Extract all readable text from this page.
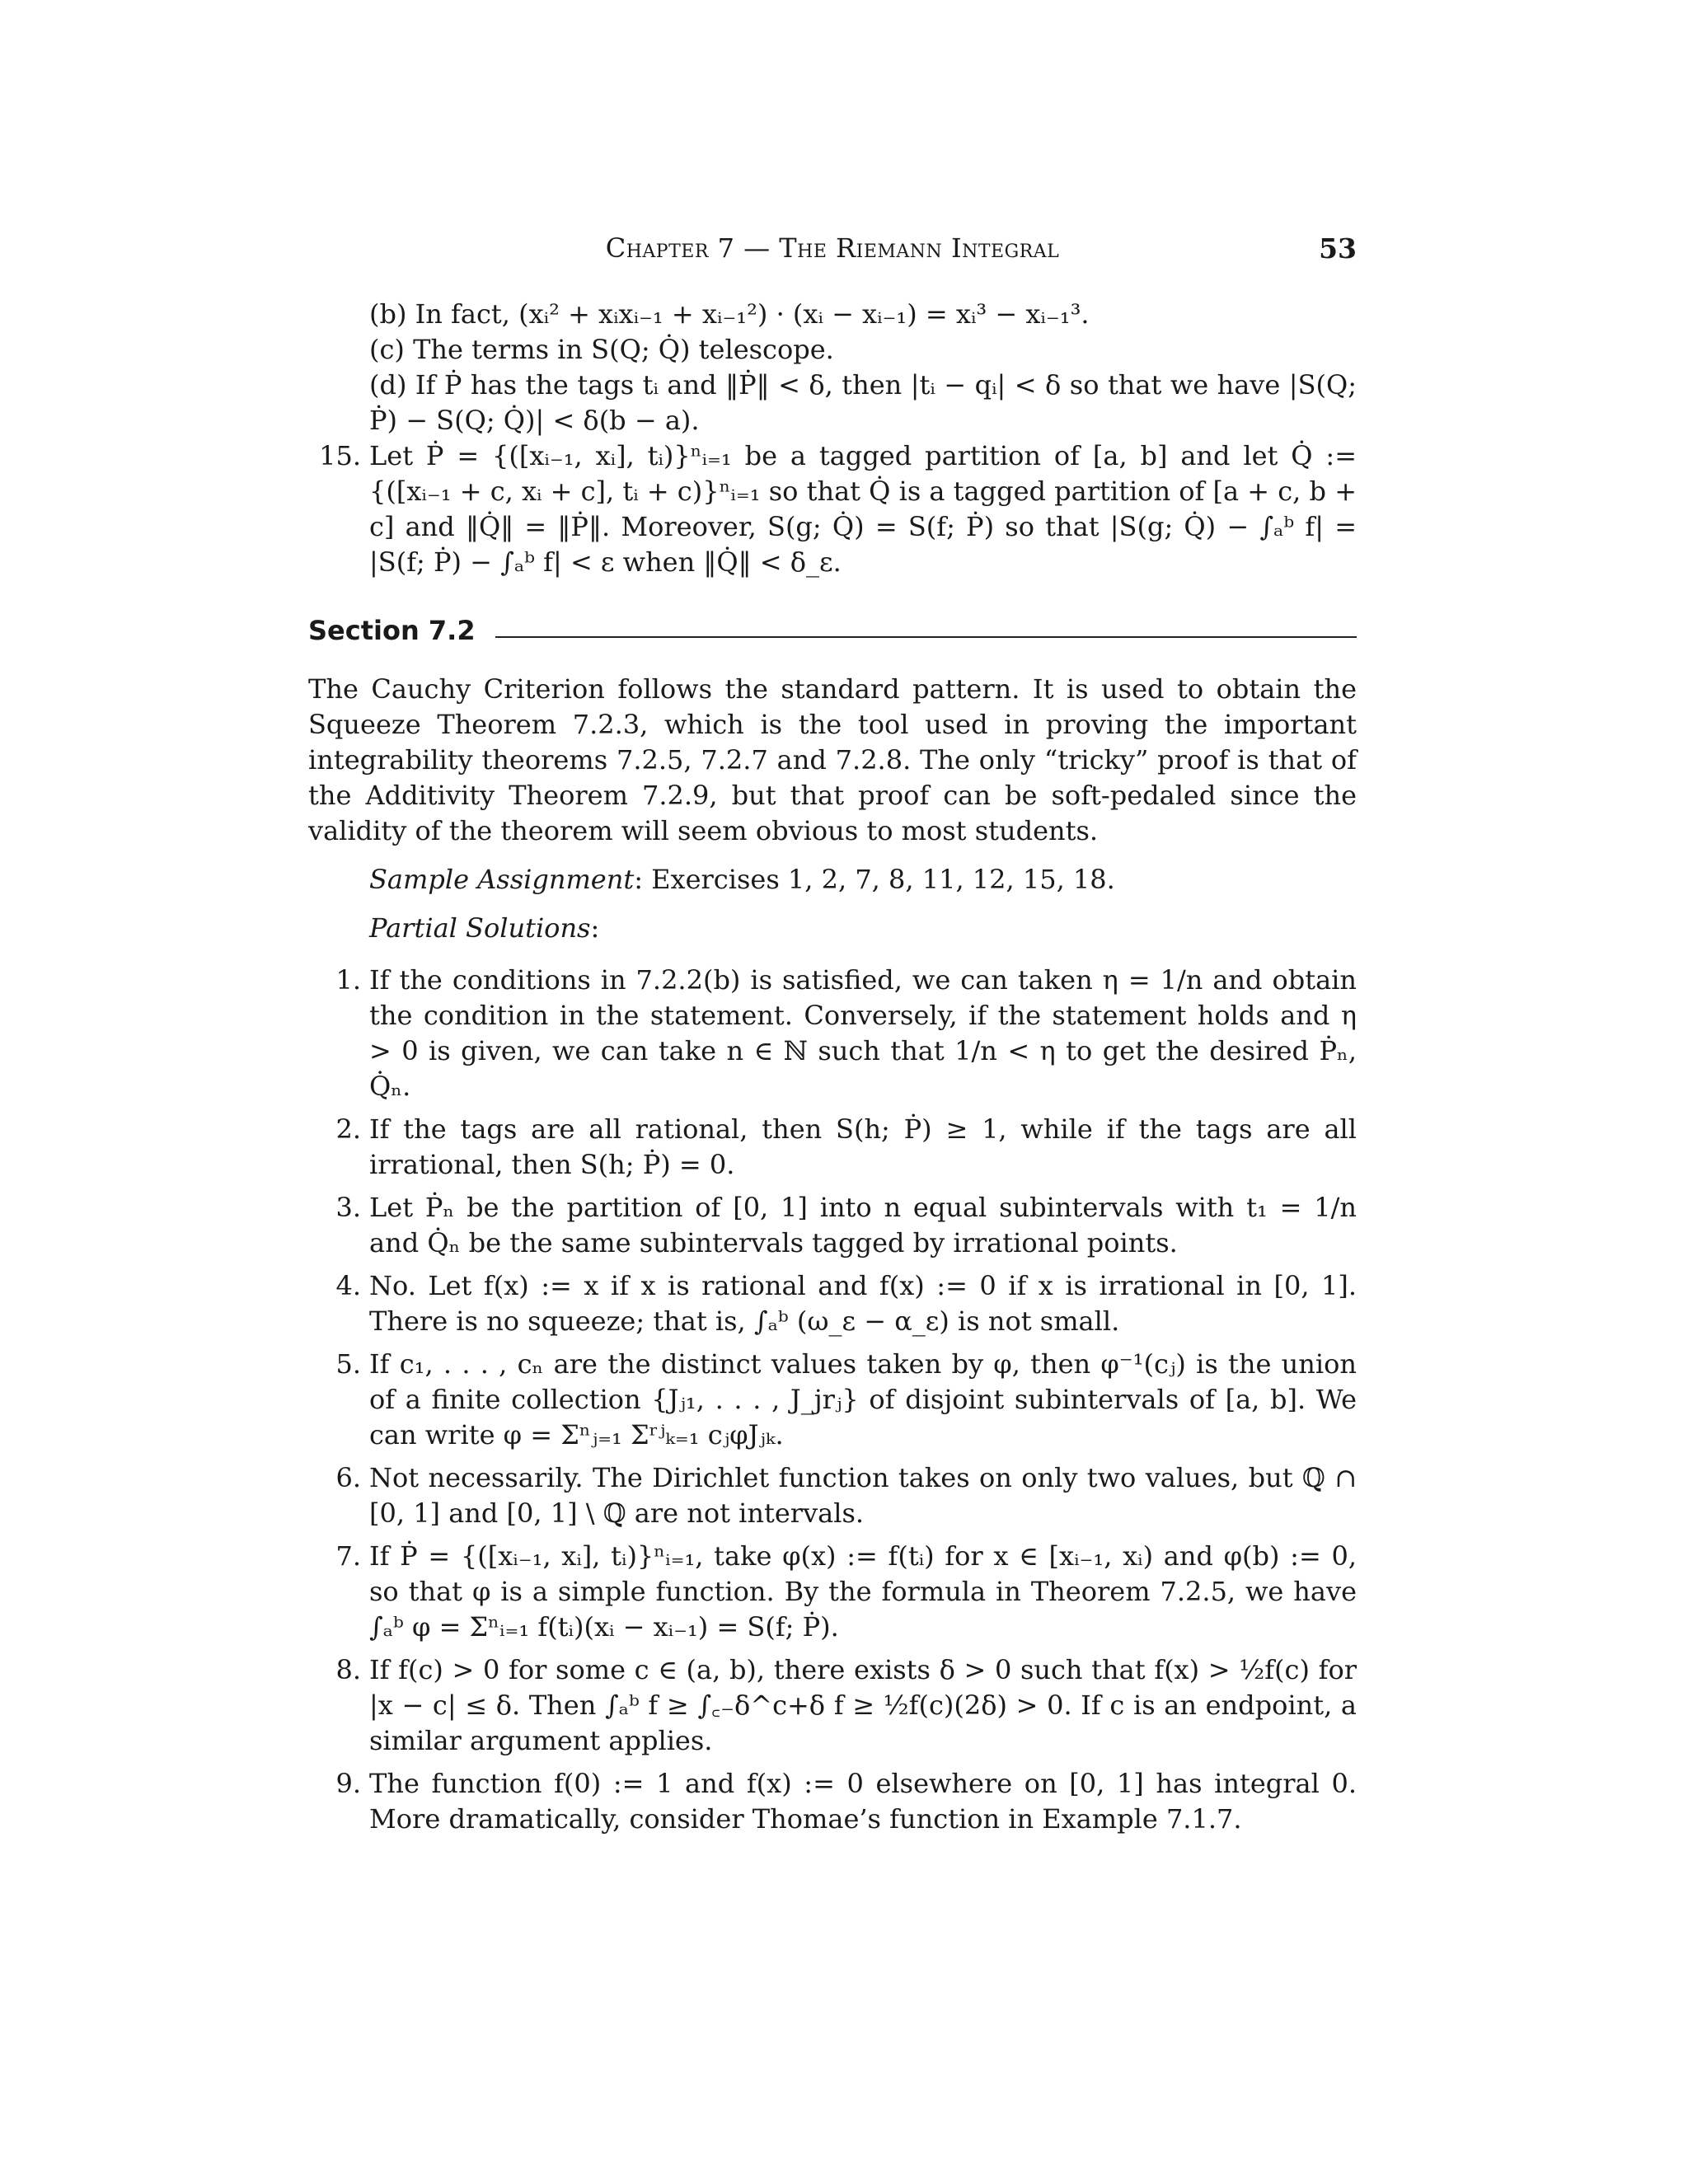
Chapter 7 — The Riemann Integral	53

(b) In fact, (xᵢ² + xᵢxᵢ₋₁ + xᵢ₋₁²) · (xᵢ − xᵢ₋₁) = xᵢ³ − xᵢ₋₁³.

(c) The terms in S(Q; Q̇) telescope.

(d) If Ṗ has the tags tᵢ and ‖Ṗ‖ < δ, then |tᵢ − qᵢ| < δ so that we have |S(Q; Ṗ) − S(Q; Q̇)| < δ(b − a).

15. Let Ṗ = {([xᵢ₋₁, xᵢ], tᵢ)}ⁿᵢ₌₁ be a tagged partition of [a, b] and let Q̇ := {([xᵢ₋₁ + c, xᵢ + c], tᵢ + c)}ⁿᵢ₌₁ so that Q̇ is a tagged partition of [a + c, b + c] and ‖Q̇‖ = ‖Ṗ‖. Moreover, S(g; Q̇) = S(f; Ṗ) so that |S(g; Q̇) − ∫ₐᵇ f| = |S(f; Ṗ) − ∫ₐᵇ f| < ε when ‖Q̇‖ < δ_ε.
Section 7.2

The Cauchy Criterion follows the standard pattern. It is used to obtain the Squeeze Theorem 7.2.3, which is the tool used in proving the important integrability theorems 7.2.5, 7.2.7 and 7.2.8. The only “tricky” proof is that of the Additivity Theorem 7.2.9, but that proof can be soft-pedaled since the validity of the theorem will seem obvious to most students.

Sample Assignment: Exercises 1, 2, 7, 8, 11, 12, 15, 18.

Partial Solutions:

1. If the conditions in 7.2.2(b) is satisfied, we can taken η = 1/n and obtain the condition in the statement. Conversely, if the statement holds and η > 0 is given, we can take n ∈ ℕ such that 1/n < η to get the desired Ṗₙ, Q̇ₙ.
2. If the tags are all rational, then S(h; Ṗ) ≥ 1, while if the tags are all irrational, then S(h; Ṗ) = 0.
3. Let Ṗₙ be the partition of [0, 1] into n equal subintervals with t₁ = 1/n and Q̇ₙ be the same subintervals tagged by irrational points.
4. No. Let f(x) := x if x is rational and f(x) := 0 if x is irrational in [0, 1]. There is no squeeze; that is, ∫ₐᵇ (ω_ε − α_ε) is not small.
5. If c₁, . . . , cₙ are the distinct values taken by φ, then φ⁻¹(cⱼ) is the union of a finite collection {Jⱼ₁, . . . , J_jrⱼ} of disjoint subintervals of [a, b]. We can write φ = Σⁿⱼ₌₁ Σʳʲₖ₌₁ cⱼφJⱼₖ.
6. Not necessarily. The Dirichlet function takes on only two values, but ℚ ∩ [0, 1] and [0, 1] \ ℚ are not intervals.
7. If Ṗ = {([xᵢ₋₁, xᵢ], tᵢ)}ⁿᵢ₌₁, take φ(x) := f(tᵢ) for x ∈ [xᵢ₋₁, xᵢ) and φ(b) := 0, so that φ is a simple function. By the formula in Theorem 7.2.5, we have ∫ₐᵇ φ = Σⁿᵢ₌₁ f(tᵢ)(xᵢ − xᵢ₋₁) = S(f; Ṗ).
8. If f(c) > 0 for some c ∈ (a, b), there exists δ > 0 such that f(x) > ½f(c) for |x − c| ≤ δ. Then ∫ₐᵇ f ≥ ∫꜀₋δ^c+δ f ≥ ½f(c)(2δ) > 0. If c is an endpoint, a similar argument applies.
9. The function f(0) := 1 and f(x) := 0 elsewhere on [0, 1] has integral 0. More dramatically, consider Thomae’s function in Example 7.1.7.
